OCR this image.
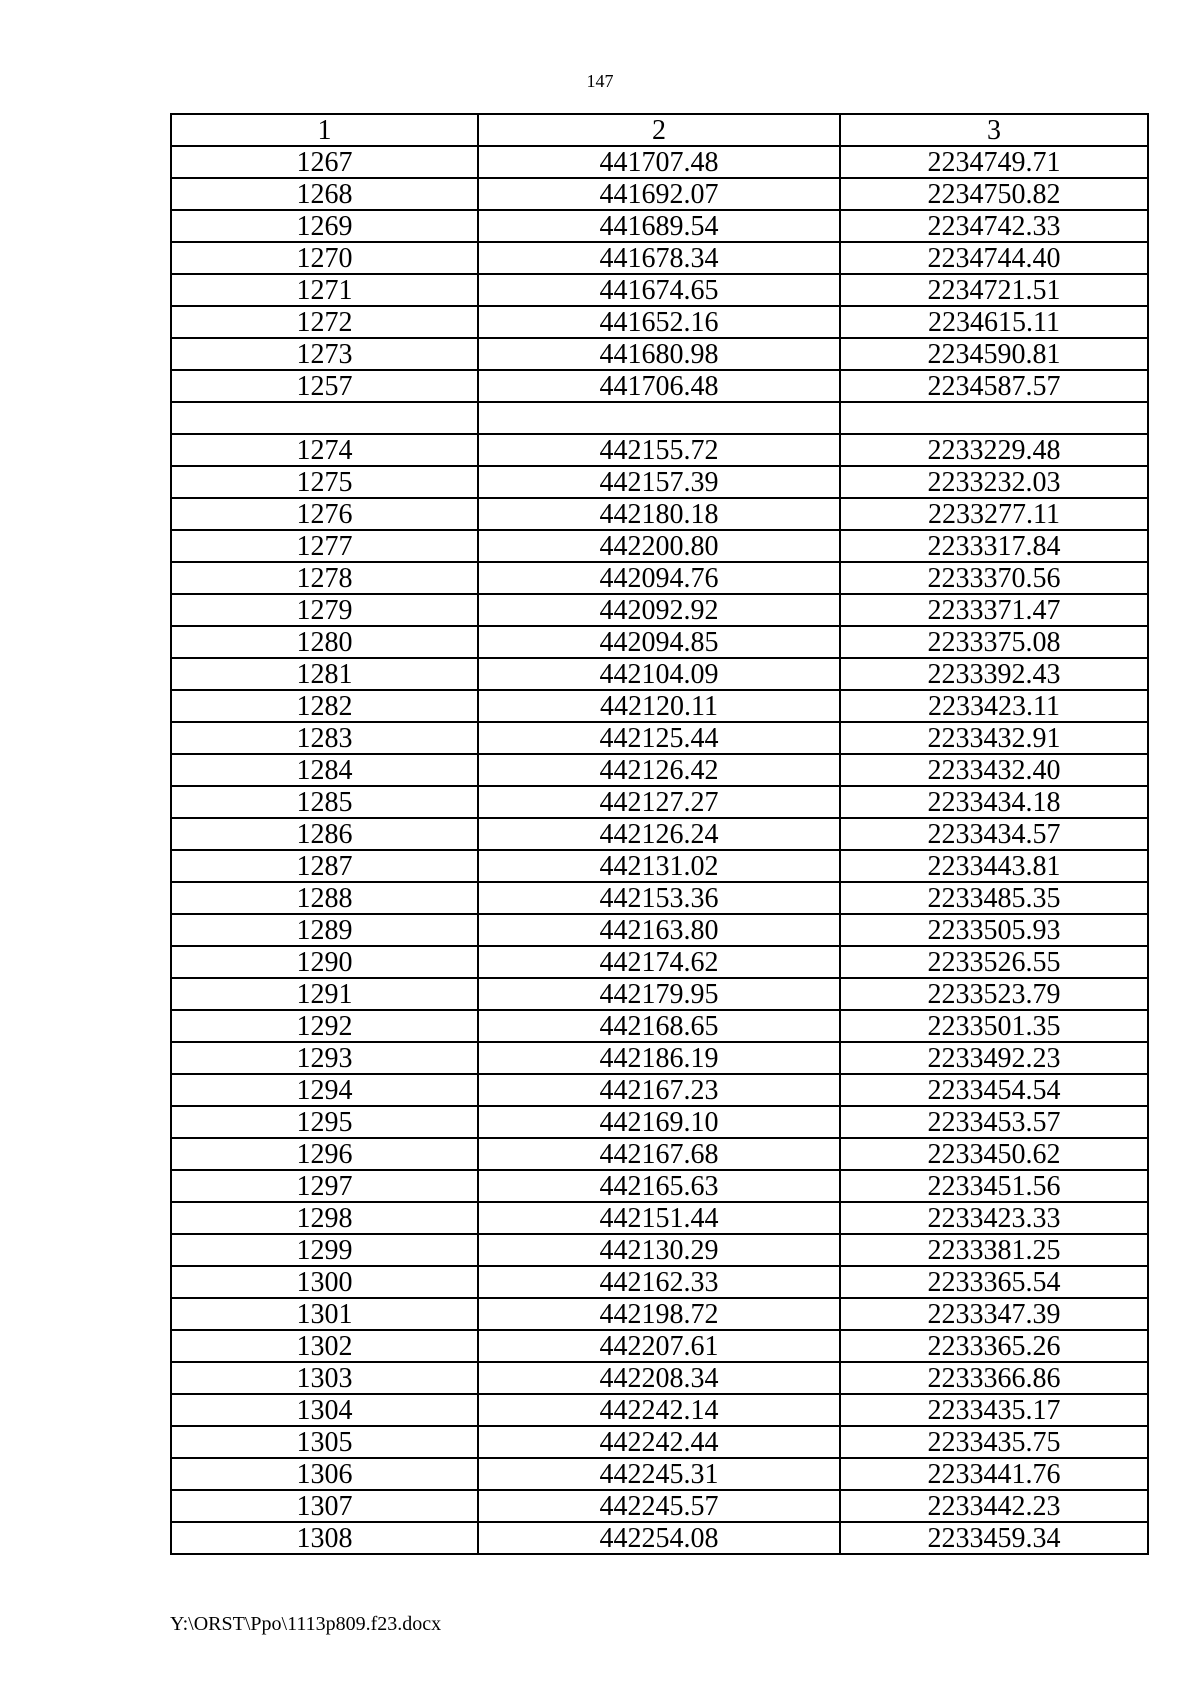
147
1	2	3
1267	441707.48	2234749.71
1268	441692.07	2234750.82
1269	441689.54	2234742.33
1270	441678.34	2234744.40
1271	441674.65	2234721.51
1272	441652.16	2234615.11
1273	441680.98	2234590.81
1257	441706.48	2234587.57

1274	442155.72	2233229.48
1275	442157.39	2233232.03
1276	442180.18	2233277.11
1277	442200.80	2233317.84
1278	442094.76	2233370.56
1279	442092.92	2233371.47
1280	442094.85	2233375.08
1281	442104.09	2233392.43
1282	442120.11	2233423.11
1283	442125.44	2233432.91
1284	442126.42	2233432.40
1285	442127.27	2233434.18
1286	442126.24	2233434.57
1287	442131.02	2233443.81
1288	442153.36	2233485.35
1289	442163.80	2233505.93
1290	442174.62	2233526.55
1291	442179.95	2233523.79
1292	442168.65	2233501.35
1293	442186.19	2233492.23
1294	442167.23	2233454.54
1295	442169.10	2233453.57
1296	442167.68	2233450.62
1297	442165.63	2233451.56
1298	442151.44	2233423.33
1299	442130.29	2233381.25
1300	442162.33	2233365.54
1301	442198.72	2233347.39
1302	442207.61	2233365.26
1303	442208.34	2233366.86
1304	442242.14	2233435.17
1305	442242.44	2233435.75
1306	442245.31	2233441.76
1307	442245.57	2233442.23
1308	442254.08	2233459.34
Y:\ORST\Ppo\1113p809.f23.docx
